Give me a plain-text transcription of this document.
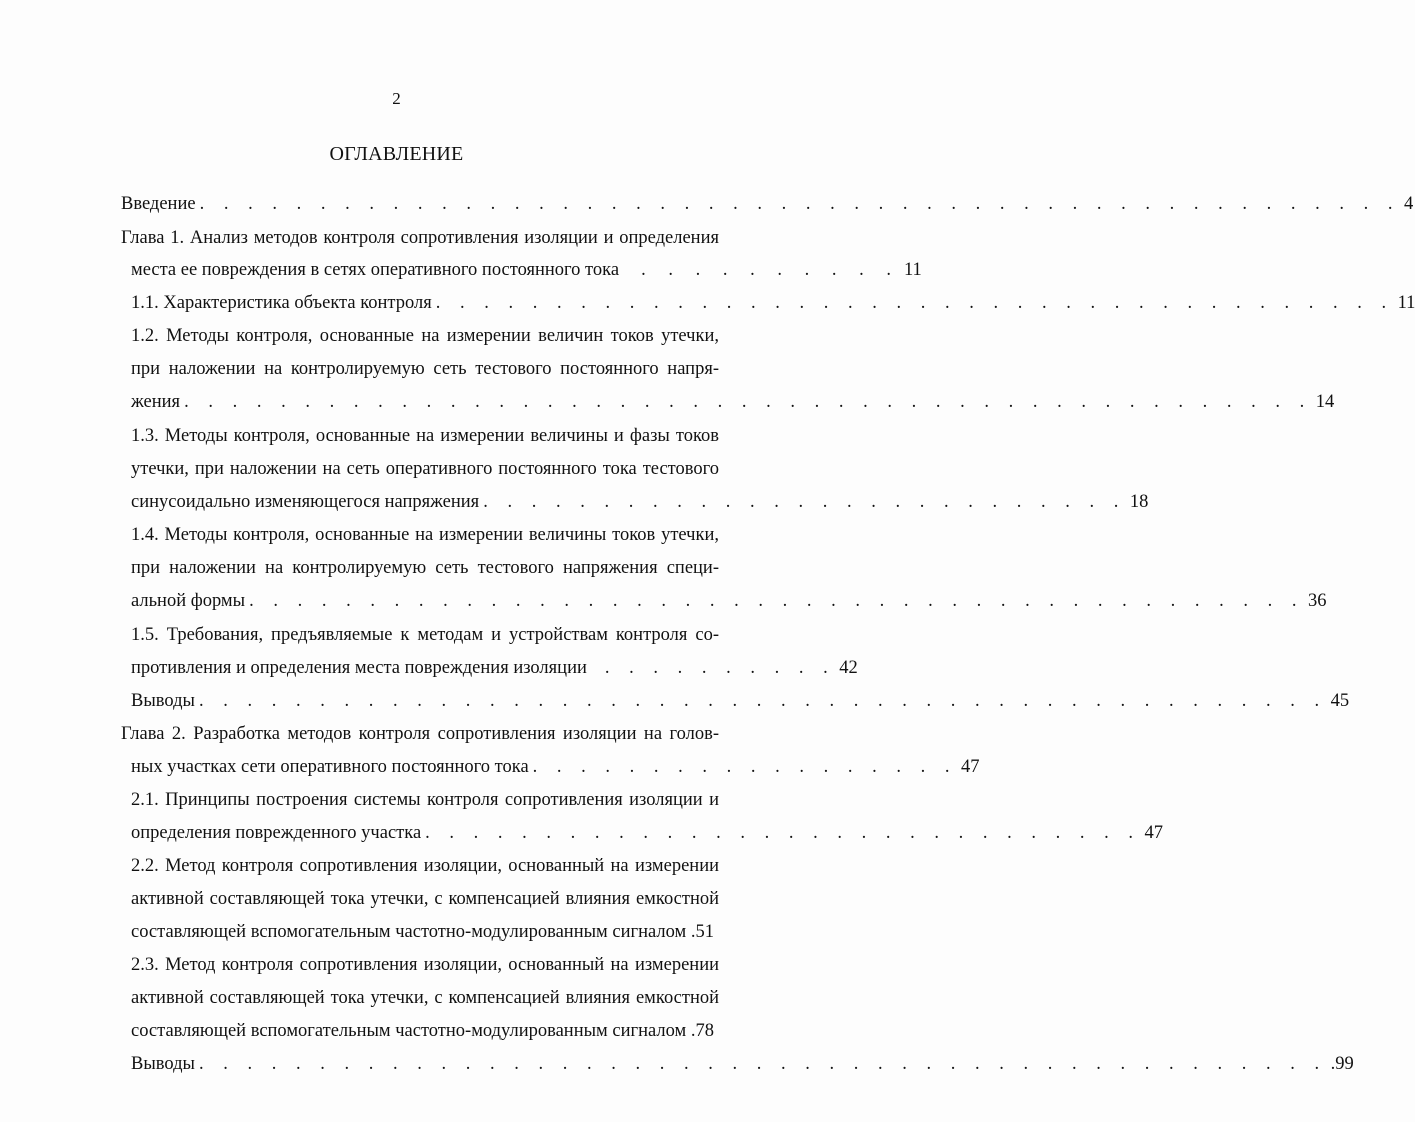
2
ОГЛАВЛЕНИЕ
Введение . . . . . . . . . . . . . . . . . . . . . . . . . . . . . . . . . . . . . . . . . . . . . . . . . . 4
Глава 1. Анализ методов контроля сопротивления изоляции и определения
места ее повреждения в сетях оперативного постоянного тока . . . . . . . . . . 11
1.1. Характеристика объекта контроля . . . . . . . . . . . . . . . . . . . . . . . . . . . . . . . . . . . . . . . . 11
1.2. Методы контроля, основанные на измерении величин токов утечки,
при наложении на контролируемую сеть тестового постоянного напря-
жения . . . . . . . . . . . . . . . . . . . . . . . . . . . . . . . . . . . . . . . . . . . . . . . 14
1.3. Методы контроля, основанные на измерении величины и фазы токов
утечки, при наложении на сеть оперативного постоянного тока тестового
синусоидально изменяющегося напряжения . . . . . . . . . . . . . . . . . . . . . . . . . . . 18
1.4. Методы контроля, основанные на измерении величины токов утечки,
при наложении на контролируемую сеть тестового напряжения специ-
альной формы . . . . . . . . . . . . . . . . . . . . . . . . . . . . . . . . . . . . . . . . . . . . 36
1.5. Требования, предъявляемые к методам и устройствам контроля со-
противления и определения места повреждения изоляции . . . . . . . . . . 42
Выводы . . . . . . . . . . . . . . . . . . . . . . . . . . . . . . . . . . . . . . . . . . . . . . . 45
Глава 2. Разработка методов контроля сопротивления изоляции на голов-
ных участках сети оперативного постоянного тока . . . . . . . . . . . . . . . . . . 47
2.1. Принципы построения системы контроля сопротивления изоляции и
определения поврежденного участка . . . . . . . . . . . . . . . . . . . . . . . . . . . . . . 47
2.2. Метод контроля сопротивления изоляции, основанный на измерении
активной составляющей тока утечки, с компенсацией влияния емкостной
составляющей вспомогательным частотно-модулированным сигналом .51
2.3. Метод контроля сопротивления изоляции, основанный на измерении
активной составляющей тока утечки, с компенсацией влияния емкостной
составляющей вспомогательным частотно-модулированным сигналом .78
Выводы . . . . . . . . . . . . . . . . . . . . . . . . . . . . . . . . . . . . . . . . . . . . . . . .99
